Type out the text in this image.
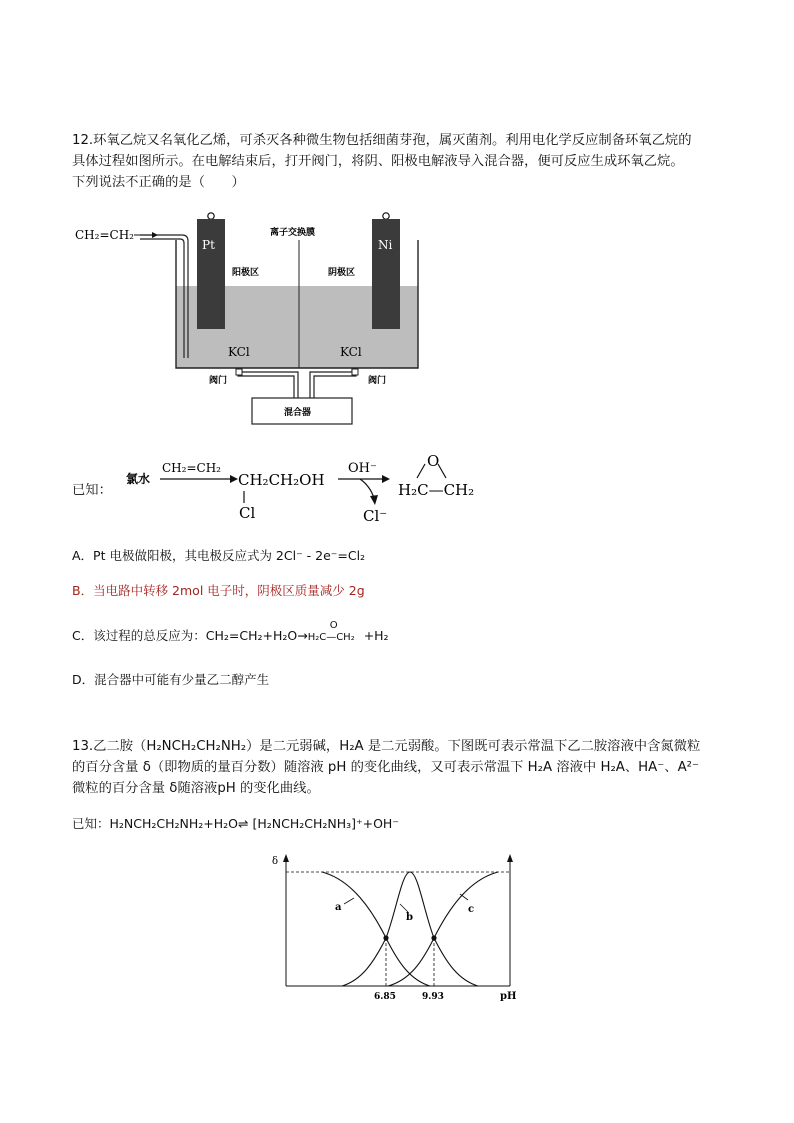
12.环氧乙烷又名氧化乙烯，可杀灭各种微生物包括细菌芽孢，属灭菌剂。利用电化学反应制备环氧乙烷的
具体过程如图所示。在电解结束后，打开阀门，将阴、阳极电解液导入混合器，便可反应生成环氧乙烷。
下列说法不正确的是（　　）
CH₂=CH₂
Pt	Ni
离子交换膜
阳极区	阴极区
KCl	KCl
阀门	阀门
混合器
已知：
氯水
CH₂=CH₂
CH₂CH₂OH
Cl
OH⁻
Cl⁻
O
H₂C—CH₂
A．Pt 电极做阳极，其电极反应式为 2Cl⁻ - 2e⁻=Cl₂
B．当电路中转移 2mol 电子时，阴极区质量减少 2g
C．该过程的总反应为：CH₂=CH₂+H₂O→
O
H₂C—CH₂ +H₂
D．混合器中可能有少量乙二醇产生
13.乙二胺（H₂NCH₂CH₂NH₂）是二元弱碱，H₂A 是二元弱酸。下图既可表示常温下乙二胺溶液中含氮微粒
的百分含量 δ（即物质的量百分数）随溶液 pH 的变化曲线，又可表示常温下 H₂A 溶液中 H₂A、HA⁻、A²⁻
微粒的百分含量 δ随溶液pH 的变化曲线。
已知：H₂NCH₂CH₂NH₂+H₂O⇌ [H₂NCH₂CH₂NH₃]⁺+OH⁻
δ
pH
6.85	9.93
a
b
c
